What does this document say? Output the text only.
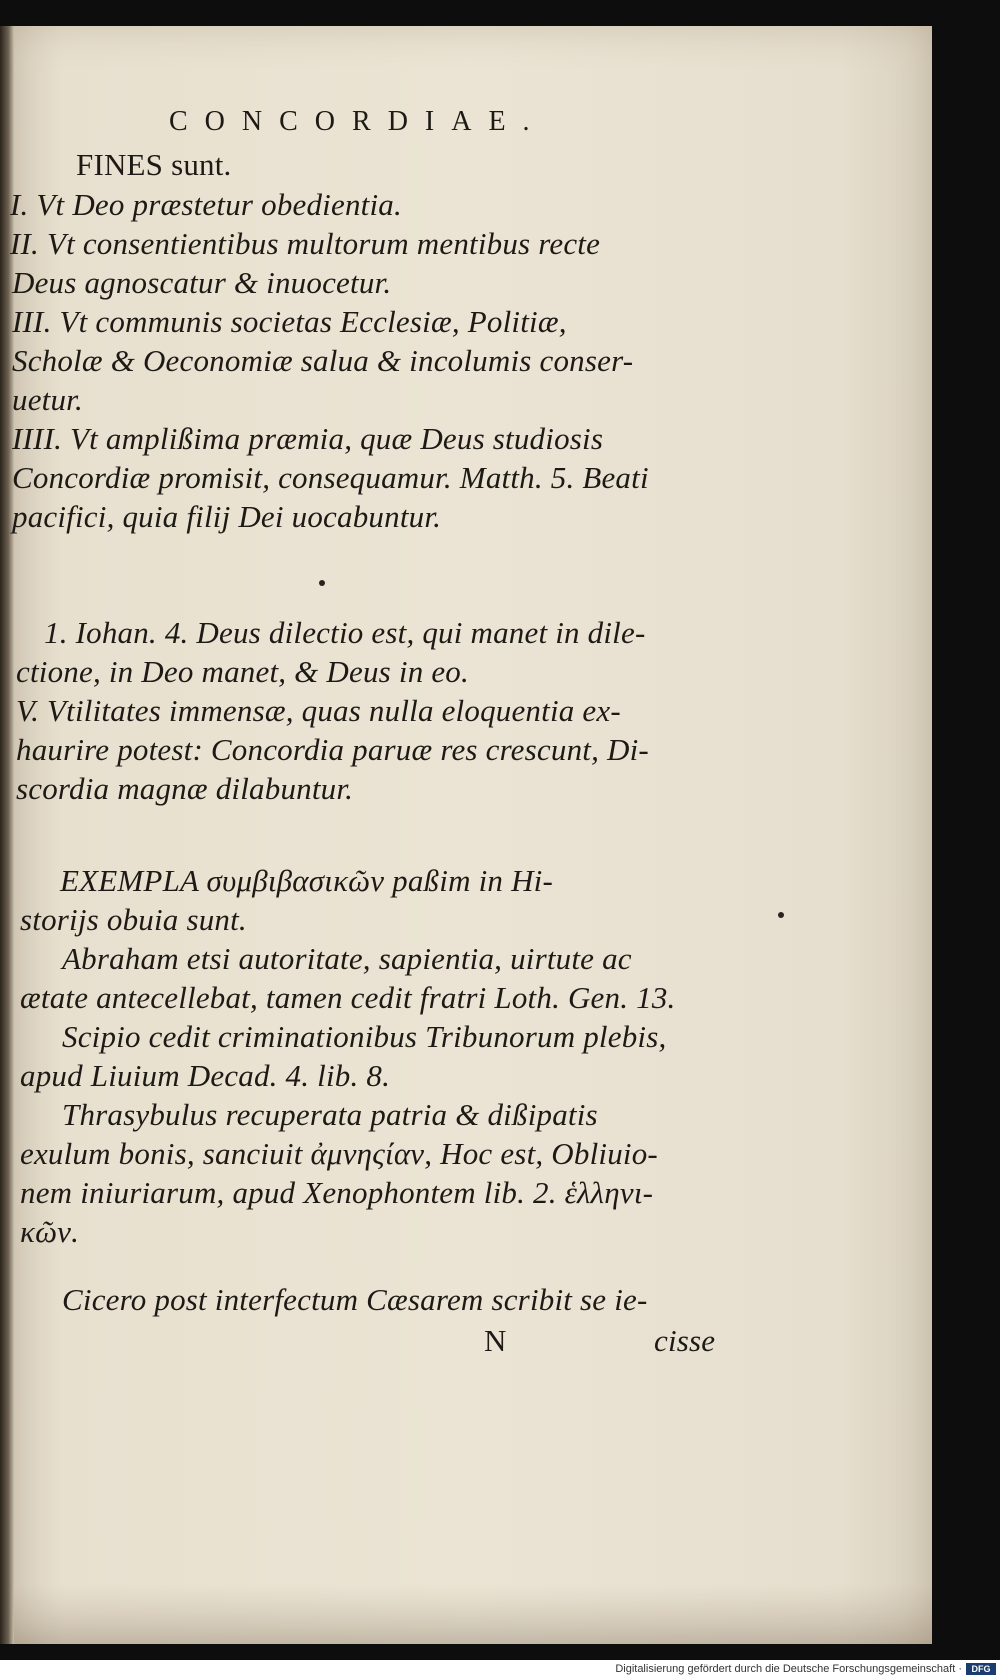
CONCORDIAE.
FINES sunt.
I. Vt Deo præstetur obedientia.
II. Vt consentientibus multorum mentibus recte
Deus agnoscatur & inuocetur.
III. Vt communis societas Ecclesiæ, Politiæ,
Scholæ & Oeconomiæ salua & incolumis conser-
uetur.
IIII. Vt amplißima præmia, quæ Deus studiosis
Concordiæ promisit, consequamur. Matth. 5. Beati
pacifici, quia filij Dei uocabuntur.
1. Iohan. 4. Deus dilectio est, qui manet in dile-
ctione, in Deo manet, & Deus in eo.
V. Vtilitates immensæ, quas nulla eloquentia ex-
haurire potest: Concordia paruæ res crescunt, Di-
scordia magnæ dilabuntur.
EXEMPLA συμβιβασικῶν paßim in Hi-
storijs obuia sunt.
Abraham etsi autoritate, sapientia, uirtute ac
ætate antecellebat, tamen cedit fratri Loth. Gen. 13.
Scipio cedit criminationibus Tribunorum plebis,
apud Liuium Decad. 4. lib. 8.
Thrasybulus recuperata patria & dißipatis
exulum bonis, sanciuit ἀμνηςίαν, Hoc est, Obliuio-
nem iniuriarum, apud Xenophontem lib. 2. ἑλληνι-
κῶν.
Cicero post interfectum Cæsarem scribit se ie-
N	cisse
Digitalisierung gefördert durch die Deutsche Forschungsgemeinschaft ·	DFG
